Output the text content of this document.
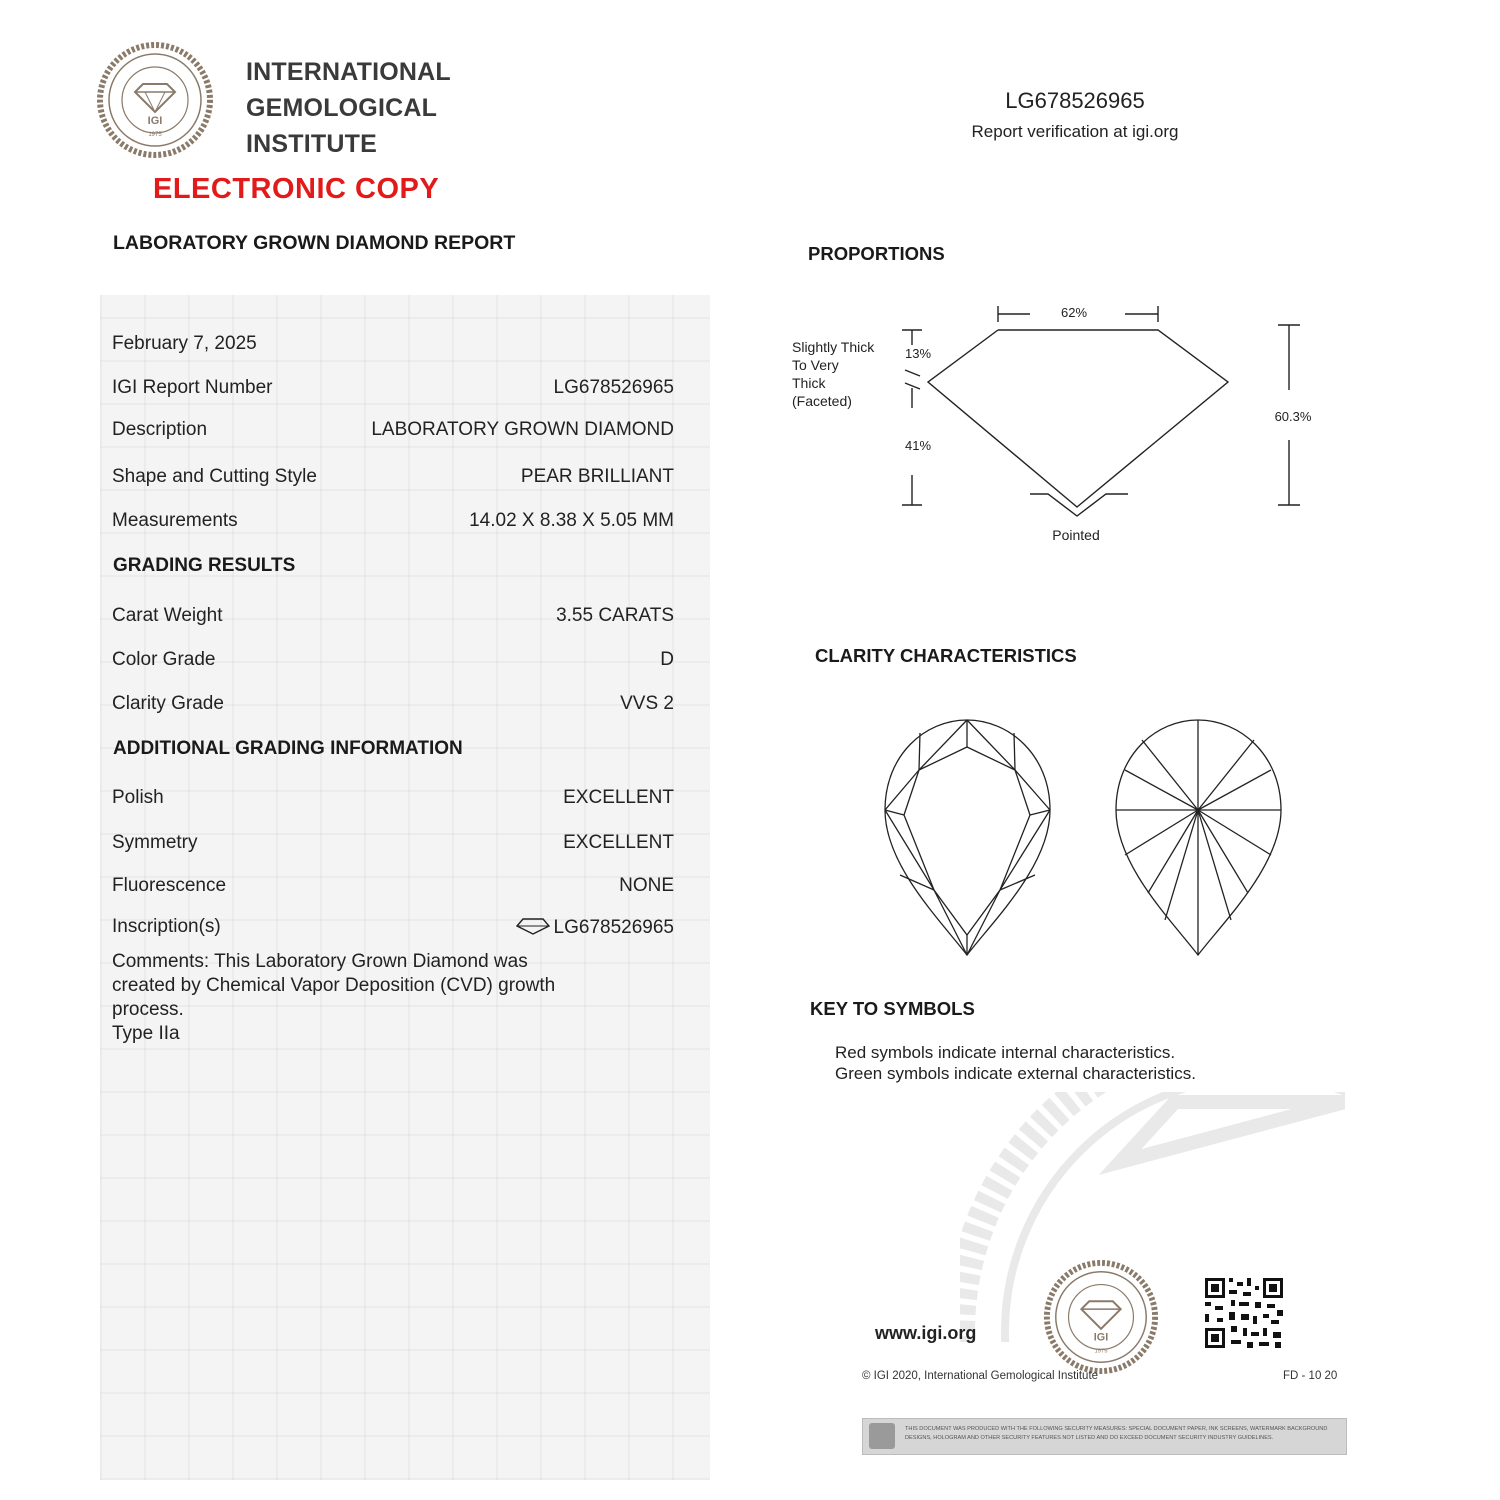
IGI
1975
INTERNATIONAL
GEMOLOGICAL
INSTITUTE
ELECTRONIC COPY
LABORATORY GROWN DIAMOND REPORT
February 7, 2025
IGI Report Number	LG678526965
Description	LABORATORY GROWN DIAMOND
Shape and Cutting Style	PEAR BRILLIANT
Measurements	14.02 X 8.38 X 5.05 MM
GRADING RESULTS
Carat Weight	3.55 CARATS
Color Grade	D
Clarity Grade	VVS 2
ADDITIONAL GRADING INFORMATION
Polish	EXCELLENT
Symmetry	EXCELLENT
Fluorescence	NONE
Inscription(s)	LG678526965
Comments: This Laboratory Grown Diamond was
created by Chemical Vapor Deposition (CVD) growth
process.
Type IIa
LG678526965
Report verification at igi.org
PROPORTIONS
62%
13%
41%
60.3%
Slightly Thick
To Very
Thick
(Faceted)
Pointed
CLARITY CHARACTERISTICS
KEY TO SYMBOLS
Red symbols indicate internal characteristics.
Green symbols indicate external characteristics.
IGI
1975
www.igi.org
© IGI 2020, International Gemological Institute	FD - 10 20
THIS DOCUMENT WAS PRODUCED WITH THE FOLLOWING SECURITY MEASURES: SPECIAL DOCUMENT PAPER, INK SCREENS, WATERMARK BACKGROUND DESIGNS, HOLOGRAM AND OTHER SECURITY FEATURES NOT LISTED AND DO EXCEED DOCUMENT SECURITY INDUSTRY GUIDELINES.
